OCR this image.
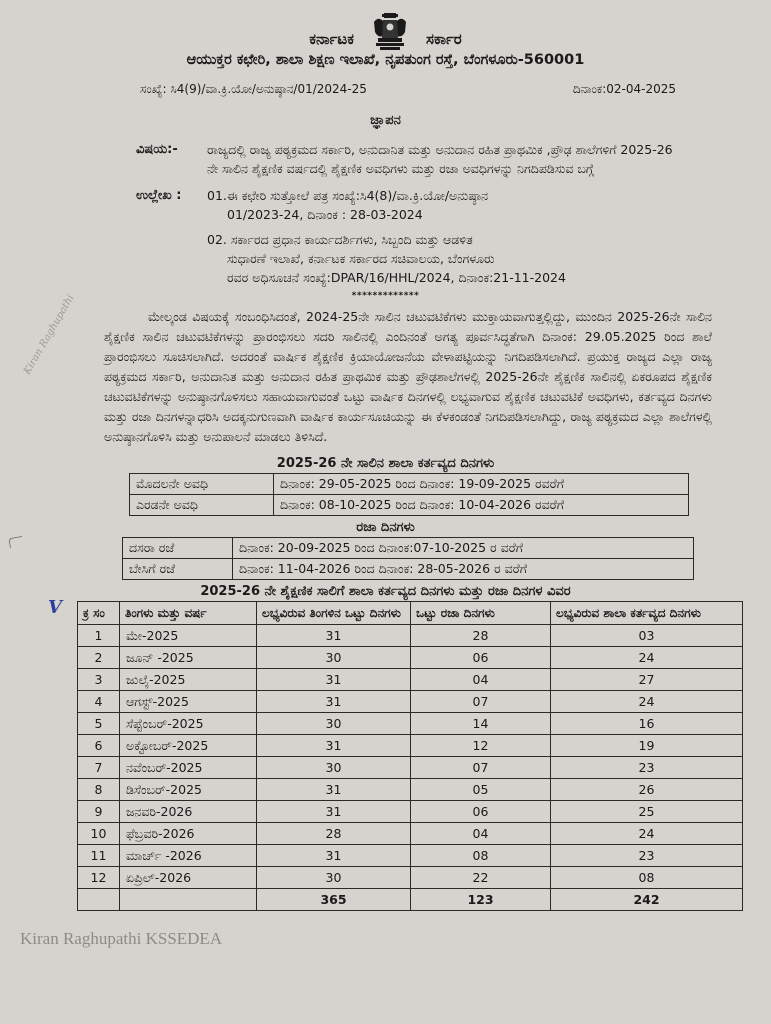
ಕರ್ನಾಟಕ	ಸರ್ಕಾರ
ಆಯುಕ್ತರ ಕಛೇರಿ, ಶಾಲಾ ಶಿಕ್ಷಣ ಇಲಾಖೆ, ನೃಪತುಂಗ ರಸ್ತೆ, ಬೆಂಗಳೂರು-560001
ಸಂಖ್ಯೆ: ಸಿ4(9)/ವಾ.ಕ್ರಿ.ಯೋ/ಅನುಷ್ಠಾನ/01/2024-25	ದಿನಾಂಕ:02-04-2025
ಜ್ಞಾಪನ
ವಿಷಯ:-	ರಾಜ್ಯದಲ್ಲಿ ರಾಜ್ಯ ಪಠ್ಯಕ್ರಮದ ಸರ್ಕಾರಿ, ಅನುದಾನಿತ ಮತ್ತು ಅನುದಾನ ರಹಿತ ಪ್ರಾಥಮಿಕ ,ಪ್ರೌಢ ಶಾಲೆಗಳಿಗೆ 2025-26 ನೇ ಸಾಲಿನ ಶೈಕ್ಷಣಿಕ ವರ್ಷದಲ್ಲಿ ಶೈಕ್ಷಣಿಕ ಅವಧಿಗಳು ಮತ್ತು ರಜಾ ಅವಧಿಗಳನ್ನು ನಿಗದಿಪಡಿಸುವ ಬಗ್ಗೆ
ಉಲ್ಲೇಖ :	01.ಈ ಕಛೇರಿ ಸುತ್ತೋಲೆ ಪತ್ರ ಸಂಖ್ಯೆ:ಸಿ4(8)/ವಾ.ಕ್ರಿ.ಯೋ/ಅನುಷ್ಠಾನ
01/2023-24, ದಿನಾಂಕ : 28-03-2024
02. ಸರ್ಕಾರದ ಪ್ರಧಾನ ಕಾರ್ಯದರ್ಶಿಗಳು, ಸಿಬ್ಬಂದಿ ಮತ್ತು ಆಡಳಿತ
ಸುಧಾರಣೆ ಇಲಾಖೆ, ಕರ್ನಾಟಕ ಸರ್ಕಾರದ ಸಚಿವಾಲಯ, ಬೆಂಗಳೂರು
ರವರ ಅಧಿಸೂಚನೆ ಸಂಖ್ಯೆ:DPAR/16/HHL/2024, ದಿನಾಂಕ:21-11-2024
*************
Kiran Raghupathi	ಮೇಲ್ಕಂಡ ವಿಷಯಕ್ಕೆ ಸಂಬಂಧಿಸಿದಂತೆ, 2024-25ನೇ ಸಾಲಿನ ಚಟುವಟಿಕೆಗಳು ಮುಕ್ತಾಯವಾಗುತ್ತಲ್ಲಿದ್ದು, ಮುಂದಿನ 2025-26ನೇ ಸಾಲಿನ ಶೈಕ್ಷಣಿಕ ಸಾಲಿನ ಚಟುವಟಿಕೆಗಳನ್ನು ಪ್ರಾರಂಭಿಸಲು ಸದರಿ ಸಾಲಿನಲ್ಲಿ ಎಂದಿನಂತೆ ಅಗತ್ಯ ಪೂರ್ವಸಿದ್ಧತೆಗಾಗಿ ದಿನಾಂಕ: 29.05.2025 ರಿಂದ ಶಾಲೆ ಪ್ರಾರಂಭಿಸಲು ಸೂಚಿಸಲಾಗಿದೆ. ಅದರಂತೆ ವಾರ್ಷಿಕ ಶೈಕ್ಷಣಿಕ ಕ್ರಿಯಾಯೋಜನೆಯ ವೇಳಾಪಟ್ಟಿಯನ್ನು ನಿಗದಿಪಡಿಸಲಾಗಿದೆ. ಪ್ರಯುಕ್ತ ರಾಜ್ಯದ ಎಲ್ಲಾ ರಾಜ್ಯ ಪಠ್ಯಕ್ರಮದ ಸರ್ಕಾರಿ, ಅನುದಾನಿತ ಮತ್ತು ಅನುದಾನ ರಹಿತ ಪ್ರಾಥಮಿಕ ಮತ್ತು ಪ್ರೌಢಶಾಲೆಗಳಲ್ಲಿ 2025-26ನೇ ಶೈಕ್ಷಣಿಕ ಸಾಲಿನಲ್ಲಿ ಏಕರೂಪದ ಶೈಕ್ಷಣಿಕ ಚಟುವಟಿಕೆಗಳನ್ನು ಅನುಷ್ಠಾನಗೊಳಿಸಲು ಸಹಾಯವಾಗುವಂತೆ ಒಟ್ಟು ವಾರ್ಷಿಕ ದಿನಗಳಲ್ಲಿ ಲಭ್ಯವಾಗುವ ಶೈಕ್ಷಣಿಕ ಚಟುವಟಿಕೆ ಅವಧಿಗಳು, ಕರ್ತವ್ಯದ ದಿನಗಳು ಮತ್ತು ರಜಾ ದಿನಗಳನ್ನಾಧರಿಸಿ ಅದಕ್ಕನುಗುಣವಾಗಿ ವಾರ್ಷಿಕ ಕಾರ್ಯಸೂಚಿಯನ್ನು ಈ ಕೆಳಕಂಡಂತೆ ನಿಗದಿಪಡಿಸಲಾಗಿದ್ದು, ರಾಜ್ಯ ಪಠ್ಯಕ್ರಮದ ಎಲ್ಲಾ ಶಾಲೆಗಳಲ್ಲಿ ಅನುಷ್ಠಾನಗೊಳಿಸಿ ಮತ್ತು ಅನುಪಾಲನೆ ಮಾಡಲು ತಿಳಿಸಿದೆ.
2025-26 ನೇ ಸಾಲಿನ ಶಾಲಾ ಕರ್ತವ್ಯದ ದಿನಗಳು
ಮೊದಲನೇ ಅವಧಿ	ದಿನಾಂಕ: 29-05-2025 ರಿಂದ ದಿನಾಂಕ: 19-09-2025 ರವರೆಗೆ
ಎರಡನೇ ಅವಧಿ	ದಿನಾಂಕ: 08-10-2025 ರಿಂದ ದಿನಾಂಕ: 10-04-2026 ರವರೆಗೆ
ರಜಾ ದಿನಗಳು
ದಸರಾ ರಜೆ	ದಿನಾಂಕ: 20-09-2025 ರಿಂದ ದಿನಾಂಕ:07-10-2025 ರ ವರೆಗೆ
ಬೇಸಿಗೆ ರಜೆ	ದಿನಾಂಕ: 11-04-2026 ರಿಂದ ದಿನಾಂಕ: 28-05-2026 ರ ವರೆಗೆ
2025-26 ನೇ ಶೈಕ್ಷಣಿಕ ಸಾಲಿಗೆ ಶಾಲಾ ಕರ್ತವ್ಯದ ದಿನಗಳು ಮತ್ತು ರಜಾ ದಿನಗಳ ವಿವರ
V ಕ್ರ ಸಂ	ತಿಂಗಳು ಮತ್ತು ವರ್ಷ	ಲಭ್ಯವಿರುವ ತಿಂಗಳಿನ ಒಟ್ಟು ದಿನಗಳು	ಒಟ್ಟು ರಜಾ ದಿನಗಳು	ಲಭ್ಯವಿರುವ ಶಾಲಾ ಕರ್ತವ್ಯದ ದಿನಗಳು
1	ಮೇ-2025	31	28	03
2	ಜೂನ್ -2025	30	06	24
3	ಜುಲೈ-2025	31	04	27
4	ಆಗಸ್ಟ್-2025	31	07	24
5	ಸೆಪ್ಟೆಂಬರ್-2025	30	14	16
6	ಅಕ್ಟೋಬರ್-2025	31	12	19
7	ನವೆಂಬರ್-2025	30	07	23
8	ಡಿಸೆಂಬರ್-2025	31	05	26
9	ಜನವರಿ-2026	31	06	25
10	ಫೆಬ್ರವರಿ-2026	28	04	24
11	ಮಾರ್ಚ್ -2026	31	08	23
12	ಏಪ್ರಿಲ್-2026	30	22	08
		365	123	242
Kiran Raghupathi KSSEDEA
